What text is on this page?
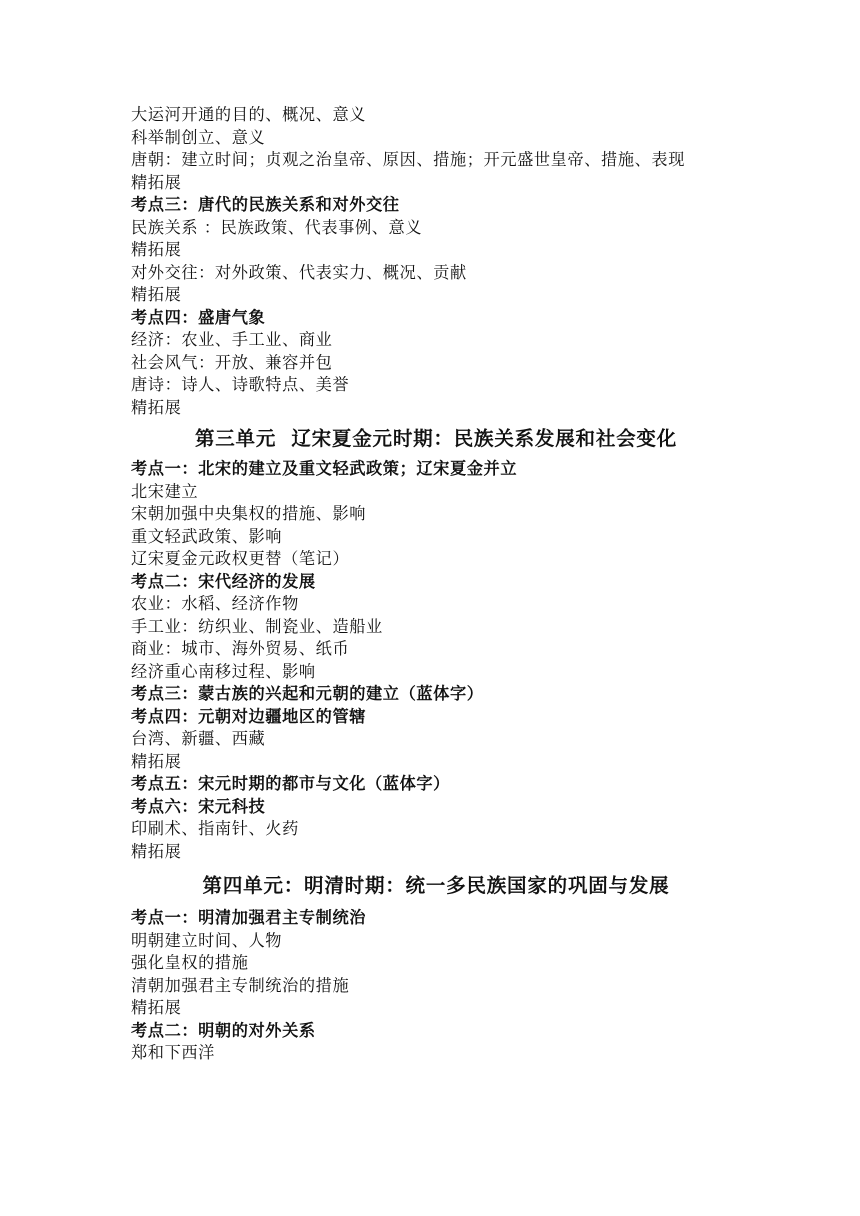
大运河开通的目的、概况、意义
科举制创立、意义
唐朝：建立时间；贞观之治皇帝、原因、措施；开元盛世皇帝、措施、表现
精拓展
考点三：唐代的民族关系和对外交往
民族关系 ：民族政策、代表事例、意义
精拓展
对外交往：对外政策、代表实力、概况、贡献
精拓展
考点四：盛唐气象
经济：农业、手工业、商业
社会风气：开放、兼容并包
唐诗：诗人、诗歌特点、美誉
精拓展
第三单元  辽宋夏金元时期：民族关系发展和社会变化
考点一：北宋的建立及重文轻武政策；辽宋夏金并立
北宋建立
宋朝加强中央集权的措施、影响
重文轻武政策、影响
辽宋夏金元政权更替（笔记）
考点二：宋代经济的发展
农业：水稻、经济作物
手工业：纺织业、制瓷业、造船业
商业：城市、海外贸易、纸币
经济重心南移过程、影响
考点三：蒙古族的兴起和元朝的建立（蓝体字）
考点四：元朝对边疆地区的管辖
台湾、新疆、西藏
精拓展
考点五：宋元时期的都市与文化（蓝体字）
考点六：宋元科技
印刷术、指南针、火药
精拓展
第四单元：明清时期：统一多民族国家的巩固与发展
考点一：明清加强君主专制统治
明朝建立时间、人物
强化皇权的措施
清朝加强君主专制统治的措施
精拓展
考点二：明朝的对外关系
郑和下西洋
